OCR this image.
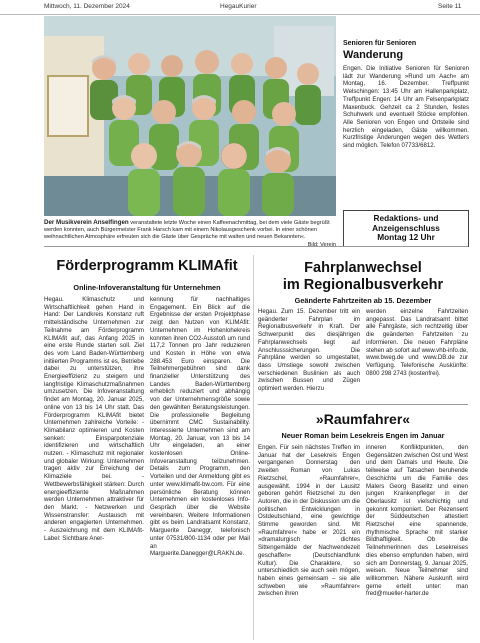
Mittwoch, 11. Dezember 2024	HegauKurier	Seite 11
Der Musikverein Anselfingen veranstaltete letzte Woche einen Kaffeenachmittag, bei dem viele Gäste begrüßt werden konnten, auch Bürgermeister Frank Harsch kam mit einem Nikolausgeschenk vorbei. In einer schönen weihnachtlichen Atmosphäre erfreuten sich die Gäste über Gespräche mit walten und neuen Bekannten«.
Bild: Verein

Senioren für Senioren

Wanderung

Engen. Die Initiative Senioren für Senioren lädt zur Wanderung »Rund um Aach« am Montag, 16. Dezember. Treffpunkt Welschingen: 13:45 Uhr am Hallenparkplatz, Treffpunkt Engen: 14 Uhr am Felsenparkplatz Maxenbuck. Gehzeit ca 2 Stunden, festes Schuhwerk und eventuell Stöcke empfohlen. Alle Senioren von Engen und Ortsteile sind herzlich eingeladen, Gäste willkommen. Kurzfristige Änderungen wegen des Wetters sind möglich. Telefon 07733/6812.
Redaktions- und
Anzeigenschluss
Montag 12 Uhr
Förderprogramm KLIMAfit
Online-Infoveranstaltung für Unternehmen
Hegau. Klimaschutz und Wirtschaftlichkeit gehen Hand in Hand: Der Landkreis Konstanz ruft mittelständische Unternehmen zur Teilnahme am Förderprogramm KLIMAfit auf, das Anfang 2025 in eine erste Runde starten soll. Ziel des vom Land Baden-Württemberg initiierten Programms ist es, Betriebe dabei zu unterstützen, ihre Energieeffizienz zu steigern und langfristige Klimaschutzmaßnahmen umzusetzen. Die Infoveranstaltung findet am Montag, 20. Januar 2025, online von 13 bis 14 Uhr statt. Das Förderprogramm KLIMAfit bietet Unternehmen zahlreiche Vorteile: - Klimabilanz optimieren und Kosten senken: Einsparpotenziale identifizieren und wirtschaftlich nutzen. - Klimaschutz mit regionaler und globaler Wirkung: Unternehmen tragen aktiv zur Erreichung der Klimaziele bei. - Wettbewerbsfähigkeit stärken: Durch energieeffiziente Maßnahmen werden Unternehmen attraktiver für den Markt. - Netzwerken und Wissenstransfer: Austausch mit anderen engagierten Unternehmen. - Auszeichnung mit dem KLIMAfit-Label: Sichtbare Aner-
kennung für nachhaltiges Engagement. Ein Blick auf die Ergebnisse der ersten Projektphase zeigt den Nutzen von KLIMAfit: Unternehmen im Hohenlohekreis konnten ihren CO2-Ausstoß um rund 117,2 Tonnen pro Jahr reduzieren und Kosten in Höhe von etwa 288.453 Euro einsparen. Die Teilnehmergebühren sind dank finanzieller Unterstützung des Landes Baden-Württemberg erheblich reduziert und abhängig von der Unternehmensgröße sowie den gewählten Beratungsleistungen. Die professionelle Begleitung übernimmt CMC Sustainability. Interessierte Unternehmen sind am Montag, 20. Januar, von 13 bis 14 Uhr eingeladen, an einer kostenlosen Online-Infoveranstaltung teilzunehmen. Details zum Programm, den Vorteilen und der Anmeldung gibt es unter www.klimafit-bw.com. Für eine persönliche Beratung können Unternehmen ein kostenloses Info-Gespräch über die Website vereinbaren. Weitere Informationen gibt es beim Landratsamt Konstanz, Marguerite Daneggr, telefonisch unter 07531/800-1134 oder per Mail an Marguerite.Danegger@LRAKN.de.
Fahrplanwechsel
im Regionalbusverkehr
Geänderte Fahrtzeiten ab 15. Dezember
Hegau. Zum 15. Dezember tritt ein geänderter Fahrplan im Regionalbusverkehr in Kraft. Der Schwerpunkt des diesjährigen Fahrplanwechsels liegt auf Anschlusssicherungen. Die Fahrpläne werden so umgestaltet, dass Umstiege sowohl zwischen verschiedenen Buslinien als auch zwischen Bussen und Zügen optimiert werden. Hierzu
werden einzelne Fahrtzeiten angepasst. Das Landratsamt bittet alle Fahrgäste, sich rechtzeitig über die geänderten Fahrtzeiten zu informieren. Die neuen Fahrpläne stehen ab sofort auf www.vhb-info.de, www.bweg.de und www.DB.de zur Verfügung. Telefonische Auskünfte: 0800 298 2743 (kostenfrei).
»Raumfahrer«
Neuer Roman beim Lesekreis Engen im Januar
Engen. Für sein nächstes Treffen im Januar hat der Lesekreis Engen vergangenen Donnerstag den zweiten Roman von Lukas Rietzschel, »Raumfahrer«, ausgewählt. 1994 in der Lausitz geboren gehört Rietzschel zu den Autoren, die in der Diskussion um die politischen Entwicklungen in Ostdeutschland, eine gewichtige Stimme geworden sind. Mit »Raumfahrer« habe er 2021 ein »dramaturgisch dichtes Sittengemälde der Nachwendezeit geschaffen« (Deutschlandfunk Kultur). Die Charaktere, so unterschiedlich sie auch sein mögen, haben eines gemeinsam – sie alle schweben wie »Raumfahrer« zwischen ihren
inneren Konfliktpunkten, den Gegensätzen zwischen Ost und West und dem Damals und Heute. Die teilweise auf Tatsachen beruhende Geschichte um die Familie des Malers Georg Baselitz und einen jungen Krankenpfleger in der Oberlausitz ist vielschichtig und gekonnt komponiert. Der Rezensent der Süddeutschen attestiert Rietzschel eine spannende, rhythmische Sprache mit starker Bildhaftigkeit. Ob die Teilnehmerinnen des Lesekreises dies ebenso empfunden haben, wird sich am Donnerstag, 9. Januar 2025, weisen. Neue Teilnehmer sind willkommen. Nähere Auskunft wird gerne erteilt unter: man fred@mueller-harter.de
